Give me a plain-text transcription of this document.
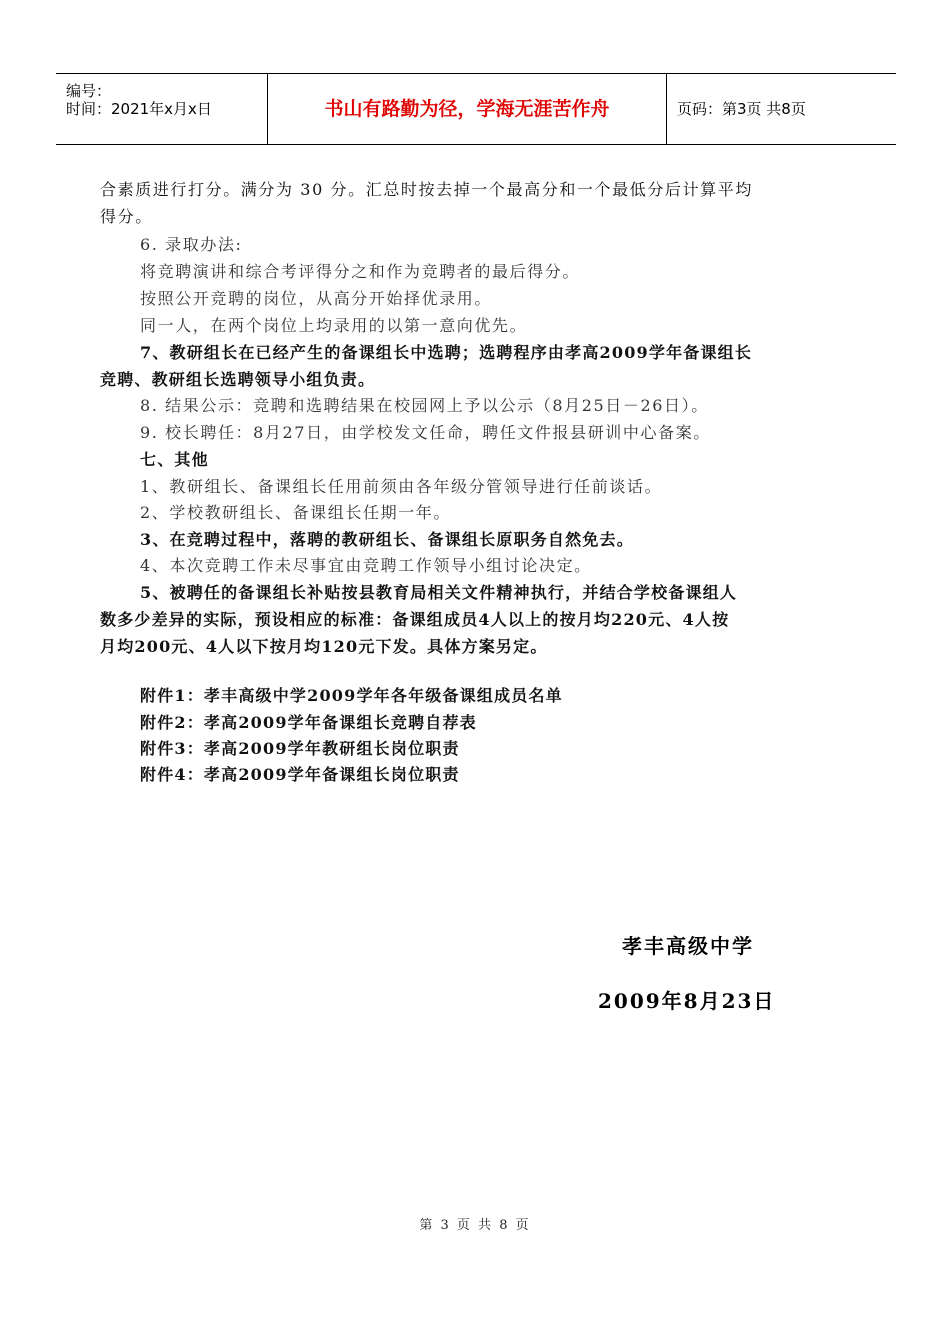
编号：
时间：2021年x月x日	书山有路勤为径，学海无涯苦作舟	页码：第3页 共8页
合素质进行打分。满分为 30 分。汇总时按去掉一个最高分和一个最低分后计算平均
得分。
6. 录取办法:
将竞聘演讲和综合考评得分之和作为竞聘者的最后得分。
按照公开竞聘的岗位，从高分开始择优录用。
同一人，在两个岗位上均录用的以第一意向优先。
7、教研组长在已经产生的备课组长中选聘；选聘程序由孝高2009学年备课组长
竞聘、教研组长选聘领导小组负责。
8. 结果公示：竞聘和选聘结果在校园网上予以公示（8月25日－26日）。
9. 校长聘任：8月27日，由学校发文任命，聘任文件报县研训中心备案。
七、其他
1、教研组长、备课组长任用前须由各年级分管领导进行任前谈话。
2、学校教研组长、备课组长任期一年。
3、在竞聘过程中，落聘的教研组长、备课组长原职务自然免去。
4、本次竞聘工作未尽事宜由竞聘工作领导小组讨论决定。
5、被聘任的备课组长补贴按县教育局相关文件精神执行，并结合学校备课组人
数多少差异的实际，预设相应的标准：备课组成员4人以上的按月均220元、4人按
月均200元、4人以下按月均120元下发。具体方案另定。
附件1：孝丰高级中学2009学年各年级备课组成员名单
附件2：孝高2009学年备课组长竞聘自荐表
附件3：孝高2009学年教研组长岗位职责
附件4：孝高2009学年备课组长岗位职责
孝丰高级中学
2009年8月23日
第 3 页 共 8 页
